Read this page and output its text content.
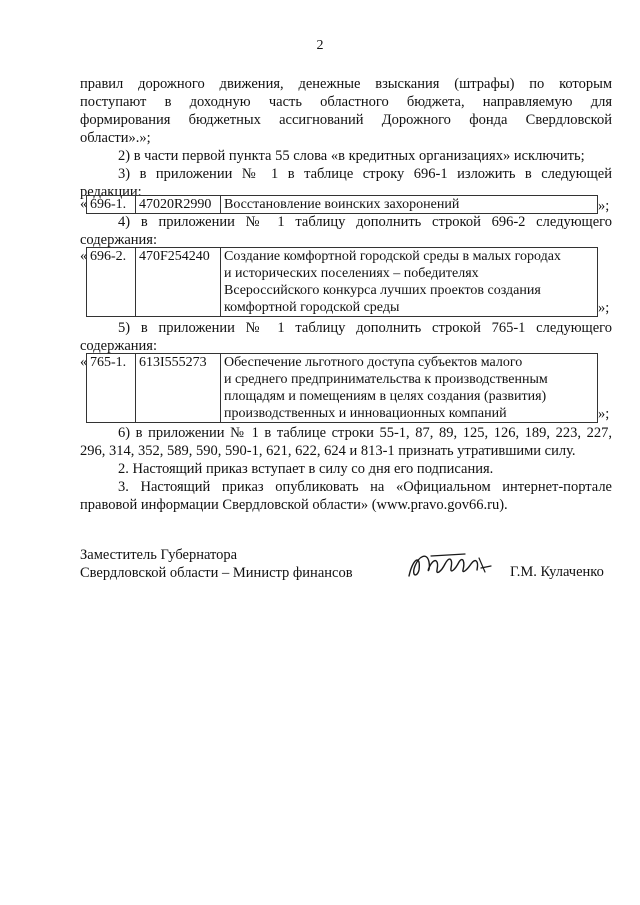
2
правил дорожного движения, денежные взыскания (штрафы) по которым
поступают в доходную часть областного бюджета, направляемую для
формирования бюджетных ассигнований Дорожного фонда Свердловской
области».»;
2) в части первой пункта 55 слова «в кредитных организациях» исключить;
3) в приложении № 1 в таблице строку 696-1 изложить в следующей
редакции:
« 696-1.	47020R2990	Восстановление воинских захоронений	»;
4) в приложении № 1 таблицу дополнить строкой 696-2 следующего
содержания:
« 696-2.	470F254240	Создание комфортной городской среды в малых городах
и исторических поселениях – победителях
Всероссийского конкурса лучших проектов создания
комфортной городской среды	»;
5) в приложении № 1 таблицу дополнить строкой 765-1 следующего
содержания:
« 765-1.	613I555273	Обеспечение льготного доступа субъектов малого
и среднего предпринимательства к производственным
площадям и помещениям в целях создания (развития)
производственных и инновационных компаний	»;
6) в приложении № 1 в таблице строки 55-1, 87, 89, 125, 126, 189, 223, 227,
296, 314, 352, 589, 590, 590-1, 621, 622, 624 и 813-1 признать утратившими силу.
2. Настоящий приказ вступает в силу со дня его подписания.
3. Настоящий приказ опубликовать на «Официальном интернет-портале
правовой информации Свердловской области» (www.pravo.gov66.ru).
Заместитель Губернатора
Свердловской области – Министр финансов	Г.М. Кулаченко
